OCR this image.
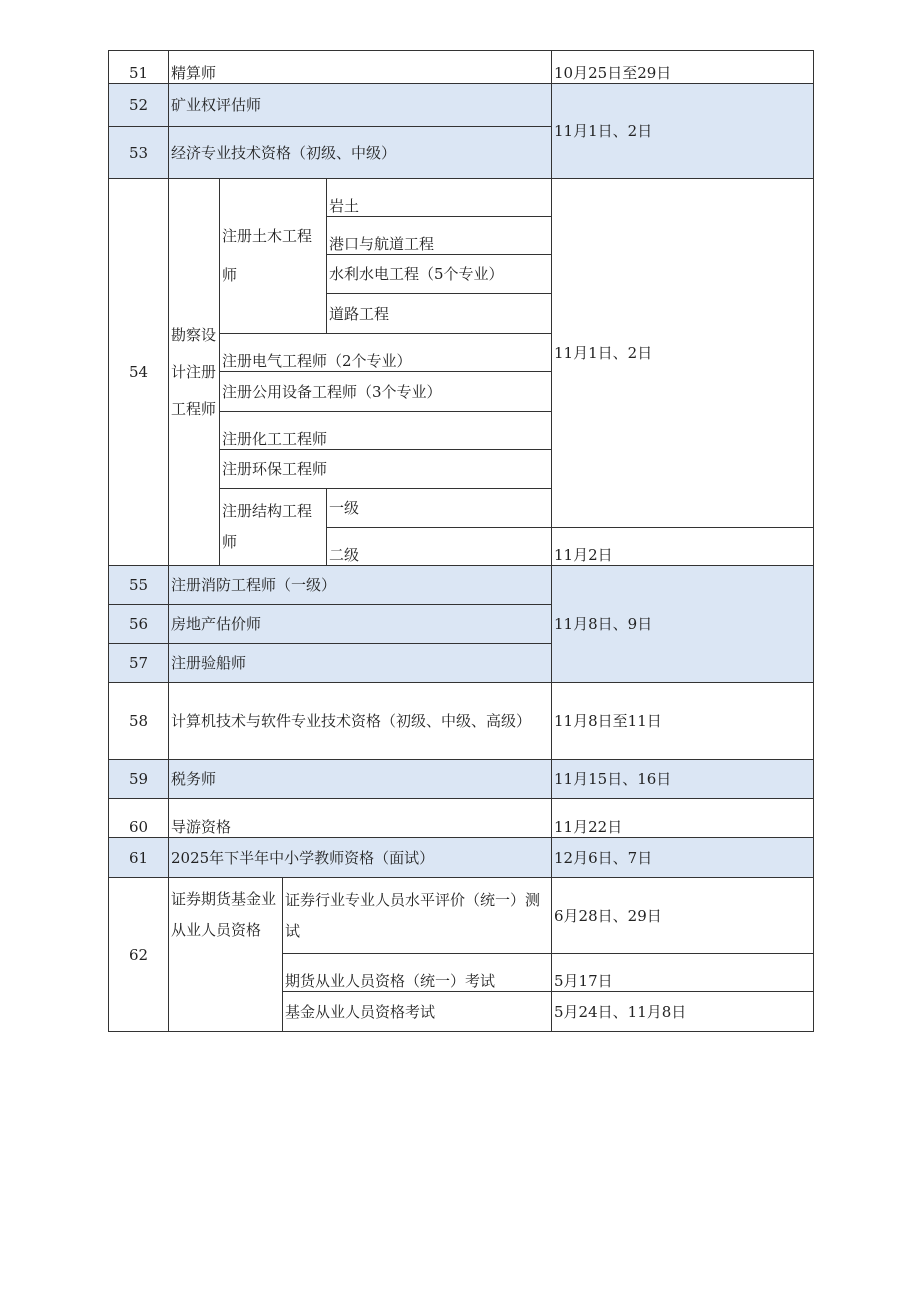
51	精算师				10月25日至29日
52	矿业权评估师				11月1日、2日
53	经济专业技术资格（初级、中级）				
54	勘察设计注册工程师	注册土木工程师		岩土	11月1日、2日
				港口与航道工程	
				水利水电工程（5个专业）	
				道路工程	
		注册电气工程师（2个专业）			
		注册公用设备工程师（3个专业）			
		注册化工工程师			
		注册环保工程师			
		注册结构工程师		一级	
				二级	11月2日
55	注册消防工程师（一级）				11月8日、9日
56	房地产估价师				
57	注册验船师				
58	计算机技术与软件专业技术资格（初级、中级、高级）				11月8日至11日
59	税务师				11月15日、16日
60	导游资格				11月22日
61	2025年下半年中小学教师资格（面试）				12月6日、7日
62	证券期货基金业从业人员资格		证券行业专业人员水平评价（统一）测试		6月28日、29日
			期货从业人员资格（统一）考试		5月17日
			基金从业人员资格考试		5月24日、11月8日
